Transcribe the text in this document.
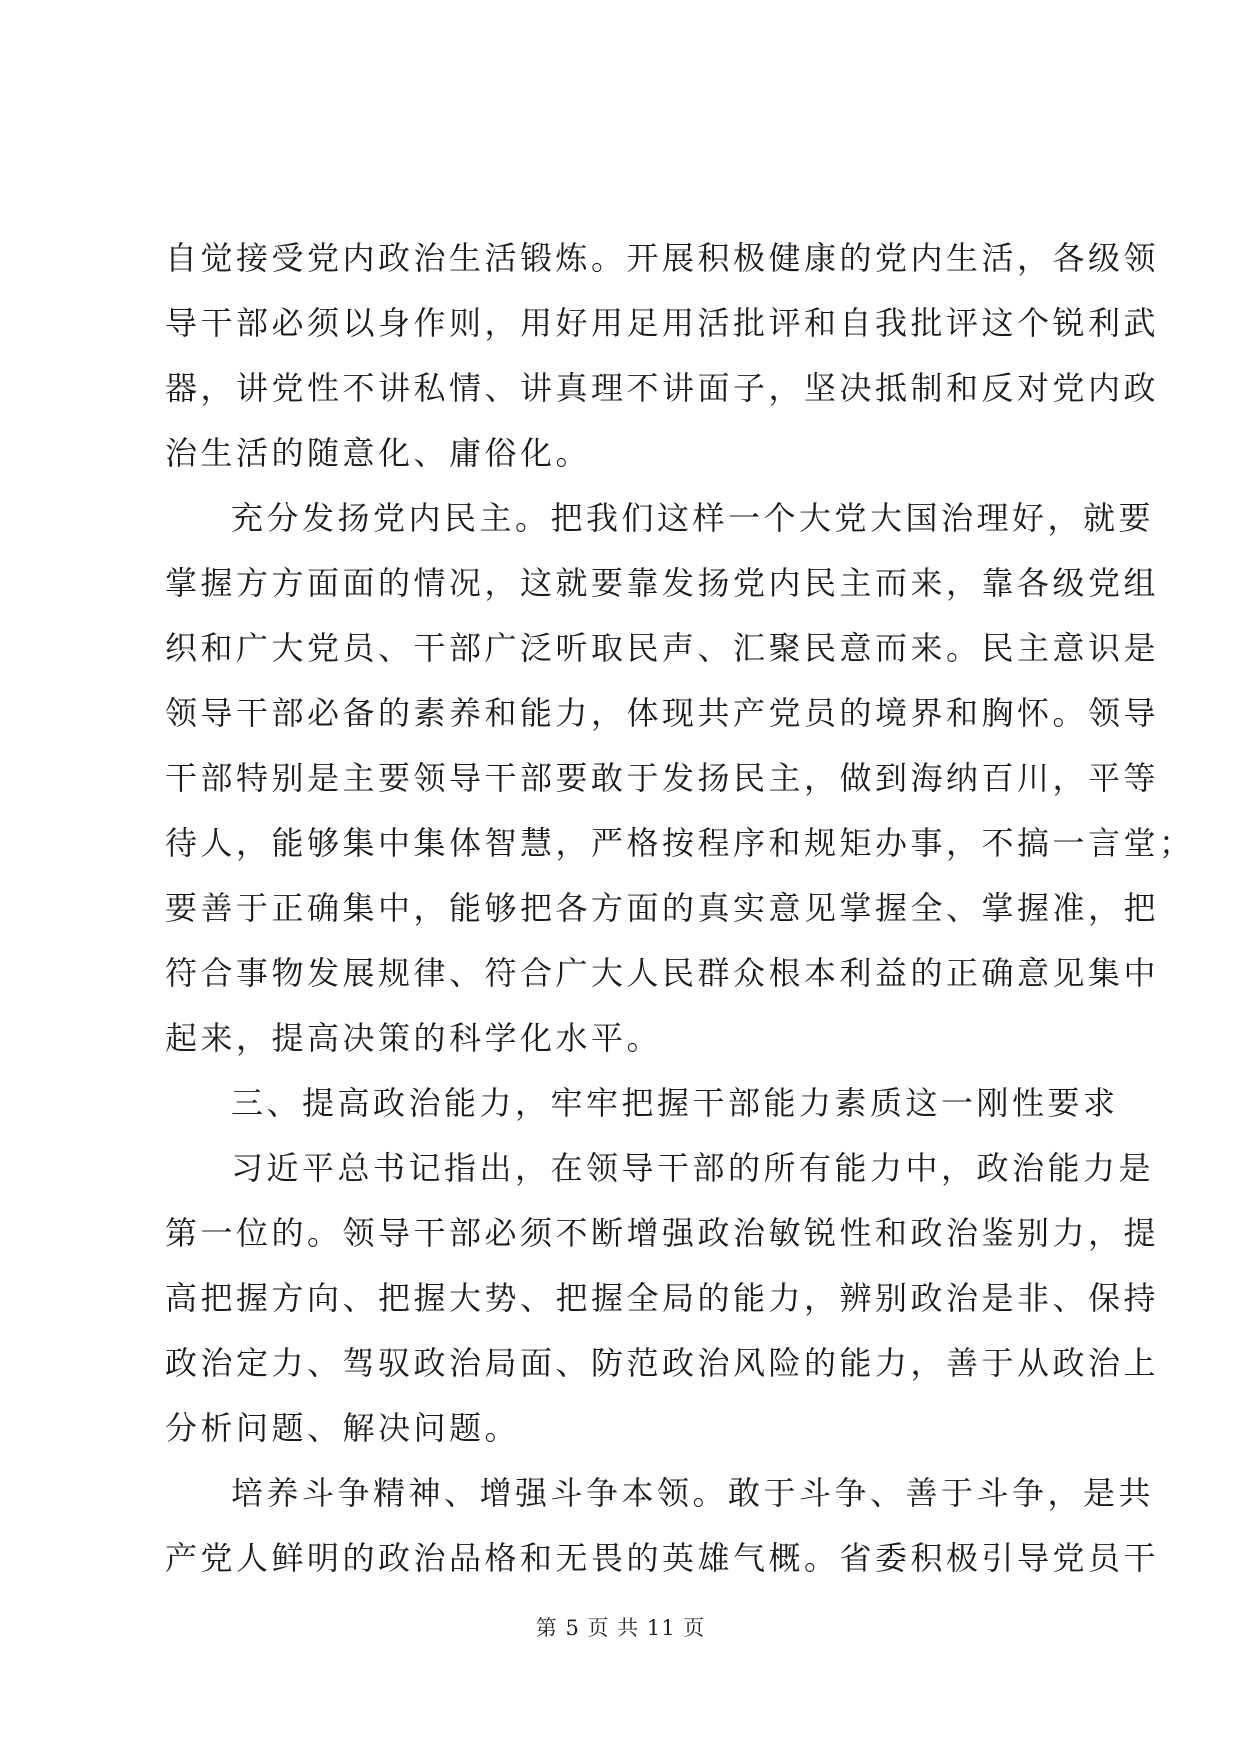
自觉接受党内政治生活锻炼。开展积极健康的党内生活，各级领
导干部必须以身作则，用好用足用活批评和自我批评这个锐利武
器，讲党性不讲私情、讲真理不讲面子，坚决抵制和反对党内政
治生活的随意化、庸俗化。
充分发扬党内民主。把我们这样一个大党大国治理好，就要
掌握方方面面的情况，这就要靠发扬党内民主而来，靠各级党组
织和广大党员、干部广泛听取民声、汇聚民意而来。民主意识是
领导干部必备的素养和能力，体现共产党员的境界和胸怀。领导
干部特别是主要领导干部要敢于发扬民主，做到海纳百川，平等
待人，能够集中集体智慧，严格按程序和规矩办事，不搞一言堂；
要善于正确集中，能够把各方面的真实意见掌握全、掌握准，把
符合事物发展规律、符合广大人民群众根本利益的正确意见集中
起来，提高决策的科学化水平。
三、提高政治能力，牢牢把握干部能力素质这一刚性要求
习近平总书记指出，在领导干部的所有能力中，政治能力是
第一位的。领导干部必须不断增强政治敏锐性和政治鉴别力，提
高把握方向、把握大势、把握全局的能力，辨别政治是非、保持
政治定力、驾驭政治局面、防范政治风险的能力，善于从政治上
分析问题、解决问题。
培养斗争精神、增强斗争本领。敢于斗争、善于斗争，是共
产党人鲜明的政治品格和无畏的英雄气概。省委积极引导党员干
第 5 页 共 11 页
